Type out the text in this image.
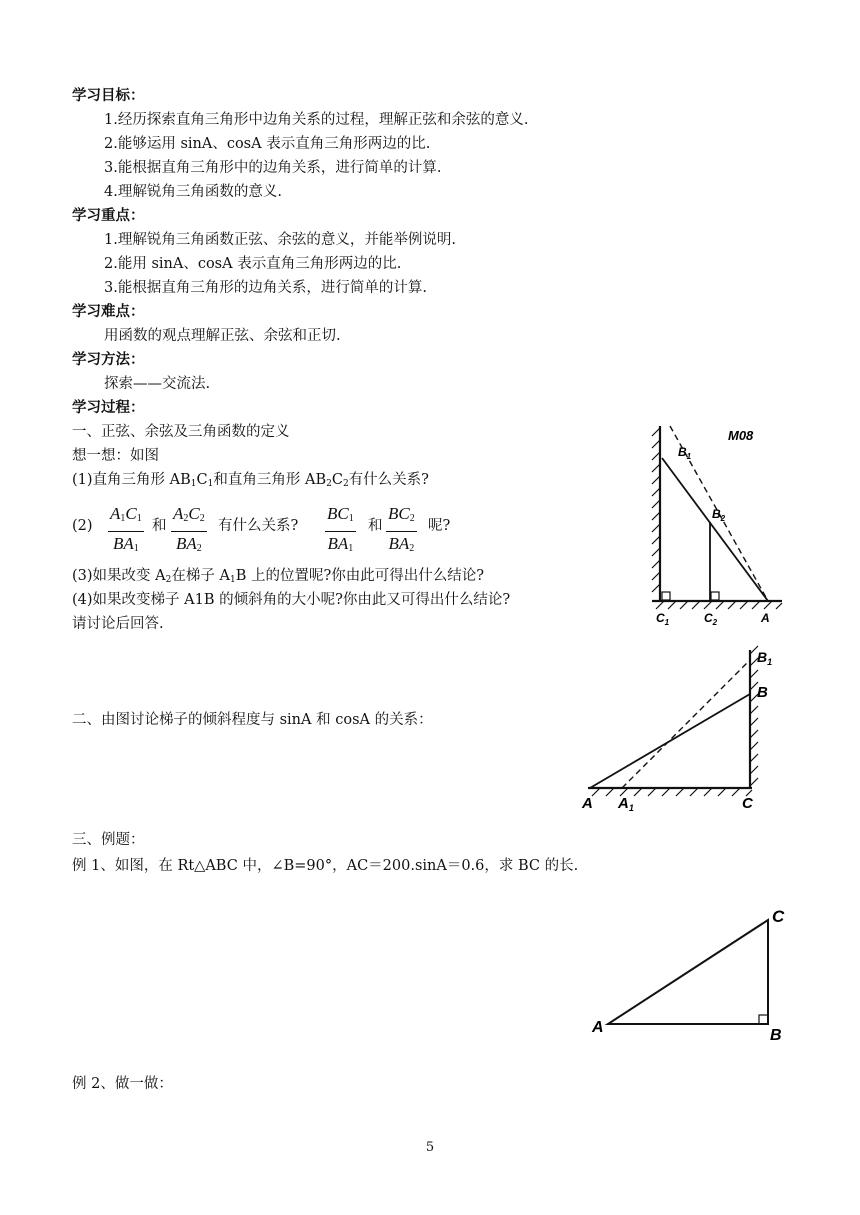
学习目标：
1.经历探索直角三角形中边角关系的过程，理解正弦和余弦的意义.
2.能够运用 sinA、cosA 表示直角三角形两边的比.
3.能根据直角三角形中的边角关系，进行简单的计算.
4.理解锐角三角函数的意义.
学习重点：
1.理解锐角三角函数正弦、余弦的意义，并能举例说明.
2.能用 sinA、cosA 表示直角三角形两边的比.
3.能根据直角三角形的边角关系，进行简单的计算.
学习难点：
用函数的观点理解正弦、余弦和正切.
学习方法：
探索——交流法.
学习过程：
一、正弦、余弦及三角函数的定义
想一想：如图
(1)直角三角形 $AB_1C_1$和直角三角形 $AB_2C_2$有什么关系?
$(2) \frac{A_1C_1}{BA_1}$ 和 $\frac{A_2C_2}{BA_2}$ 有什么关系? $\frac{BC_1}{BA_1}$ 和 $\frac{BC_2}{BA_2}$ 呢?
(3)如果改变 $A_2$在梯子 $A_1B$ 上的位置呢?你由此可得出什么结论?
(4)如果改变梯子 A1B 的倾斜角的大小呢?你由此又可得出什么结论?
请讨论后回答.
二、由图讨论梯子的倾斜程度与 sinA 和 cosA 的关系：
三、例题：
例 1、如图，在 Rt△ABC 中，∠B=90°，AC＝200.sinA＝0.6，求 BC 的长.
例 2、做一做：
M08
$B_1$
$B_2$
$C_1$	$C_2$	A
$B_1$
B
A $A_1$	C
C
A	B
5
